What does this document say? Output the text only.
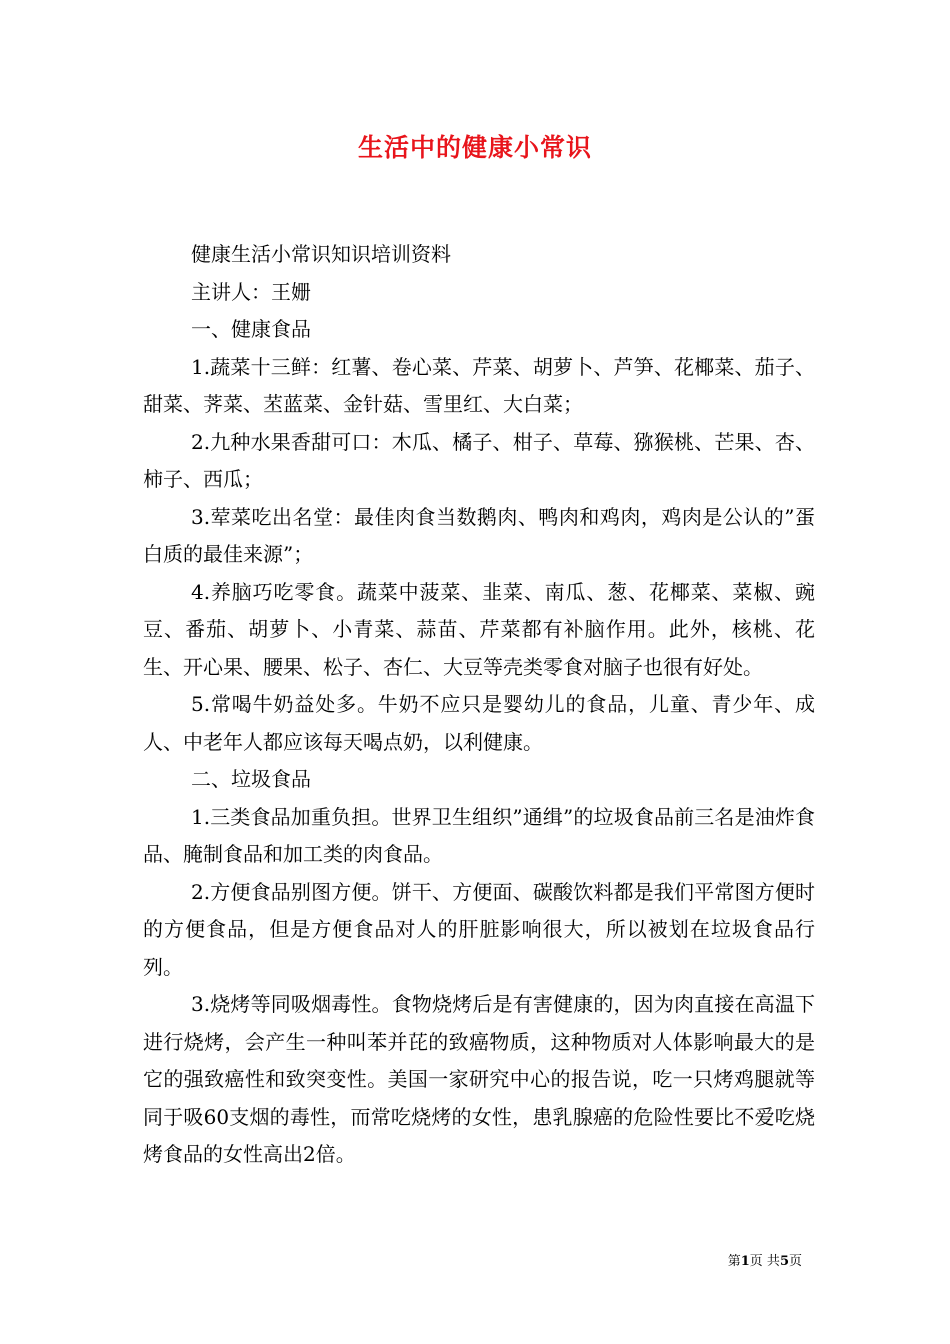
生活中的健康小常识

健康生活小常识知识培训资料

主讲人：王姗

一、健康食品

1.蔬菜十三鲜：红薯、卷心菜、芹菜、胡萝卜、芦笋、花椰菜、茄子、甜菜、荠菜、苤蓝菜、金针菇、雪里红、大白菜；

2.九种水果香甜可口：木瓜、橘子、柑子、草莓、猕猴桃、芒果、杏、柿子、西瓜；

3.荤菜吃出名堂：最佳肉食当数鹅肉、鸭肉和鸡肉，鸡肉是公认的”蛋白质的最佳来源”；

4.养脑巧吃零食。蔬菜中菠菜、韭菜、南瓜、葱、花椰菜、菜椒、豌豆、番茄、胡萝卜、小青菜、蒜苗、芹菜都有补脑作用。此外，核桃、花生、开心果、腰果、松子、杏仁、大豆等壳类零食对脑子也很有好处。

5.常喝牛奶益处多。牛奶不应只是婴幼儿的食品，儿童、青少年、成人、中老年人都应该每天喝点奶，以利健康。

二、垃圾食品

1.三类食品加重负担。世界卫生组织”通缉”的垃圾食品前三名是油炸食品、腌制食品和加工类的肉食品。

2.方便食品别图方便。饼干、方便面、碳酸饮料都是我们平常图方便时的方便食品，但是方便食品对人的肝脏影响很大，所以被划在垃圾食品行列。

3.烧烤等同吸烟毒性。食物烧烤后是有害健康的，因为肉直接在高温下进行烧烤，会产生一种叫苯并芘的致癌物质，这种物质对人体影响最大的是它的强致癌性和致突变性。美国一家研究中心的报告说，吃一只烤鸡腿就等同于吸60支烟的毒性，而常吃烧烤的女性，患乳腺癌的危险性要比不爱吃烧烤食品的女性高出2倍。

第1页 共5页
